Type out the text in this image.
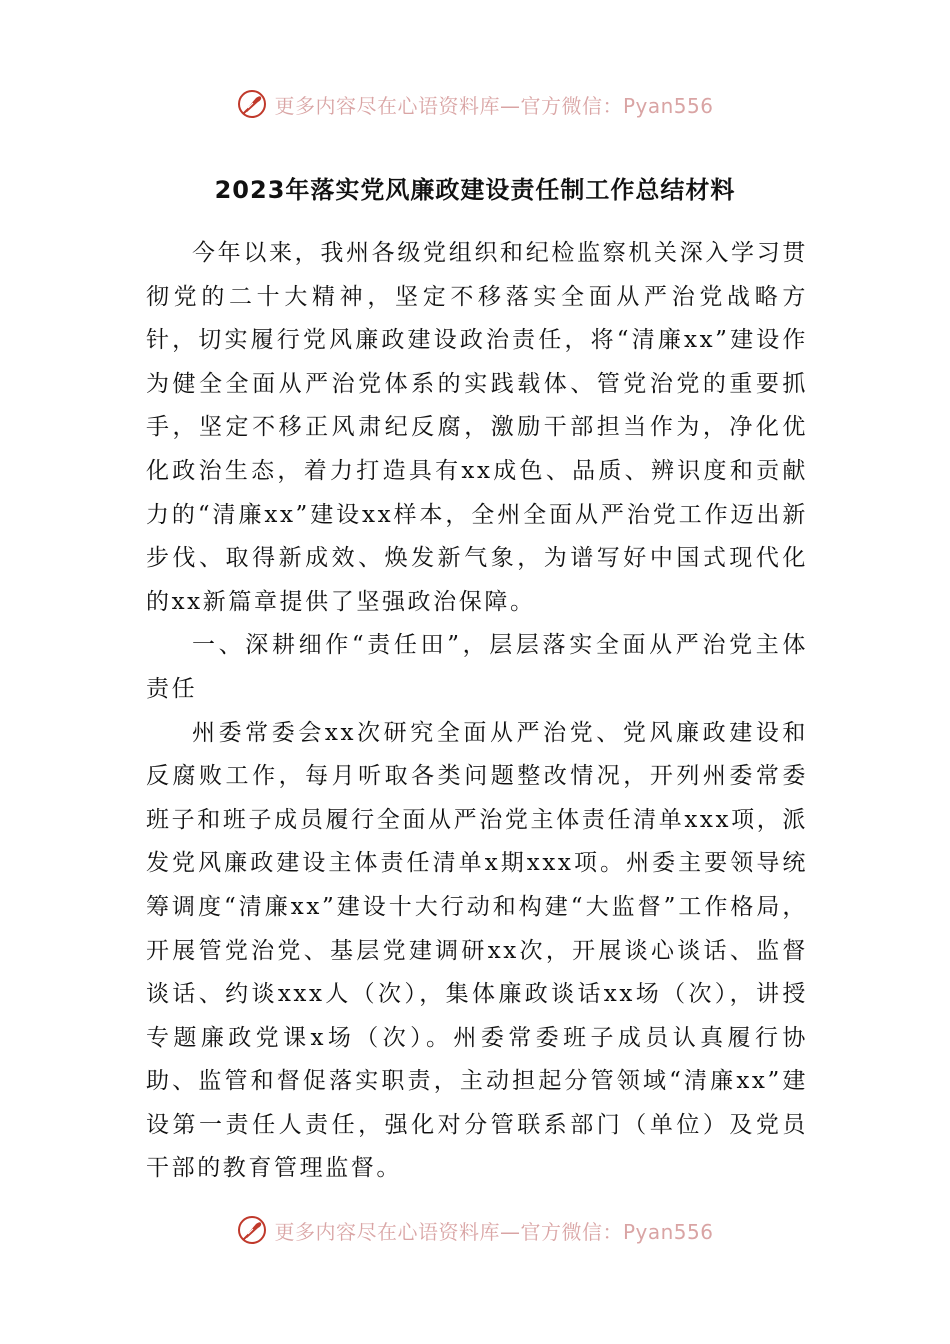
更多内容尽在心语资料库—官方微信：Pyan556
2023年落实党风廉政建设责任制工作总结材料

今年以来，我州各级党组织和纪检监察机关深入学习贯彻党的二十大精神，坚定不移落实全面从严治党战略方针，切实履行党风廉政建设政治责任，将“清廉xx”建设作为健全全面从严治党体系的实践载体、管党治党的重要抓手，坚定不移正风肃纪反腐，激励干部担当作为，净化优化政治生态，着力打造具有xx成色、品质、辨识度和贡献力的“清廉xx”建设xx样本，全州全面从严治党工作迈出新步伐、取得新成效、焕发新气象，为谱写好中国式现代化的xx新篇章提供了坚强政治保障。

一、深耕细作“责任田”，层层落实全面从严治党主体责任

州委常委会xx次研究全面从严治党、党风廉政建设和反腐败工作，每月听取各类问题整改情况，开列州委常委班子和班子成员履行全面从严治党主体责任清单xxx项，派发党风廉政建设主体责任清单x期xxx项。州委主要领导统筹调度“清廉xx”建设十大行动和构建“大监督”工作格局，开展管党治党、基层党建调研xx次，开展谈心谈话、监督谈话、约谈xxx人（次），集体廉政谈话xx场（次），讲授专题廉政党课x场（次）。州委常委班子成员认真履行协助、监管和督促落实职责，主动担起分管领域“清廉xx”建设第一责任人责任，强化对分管联系部门（单位）及党员干部的教育管理监督。

更多内容尽在心语资料库—官方微信：Pyan556
